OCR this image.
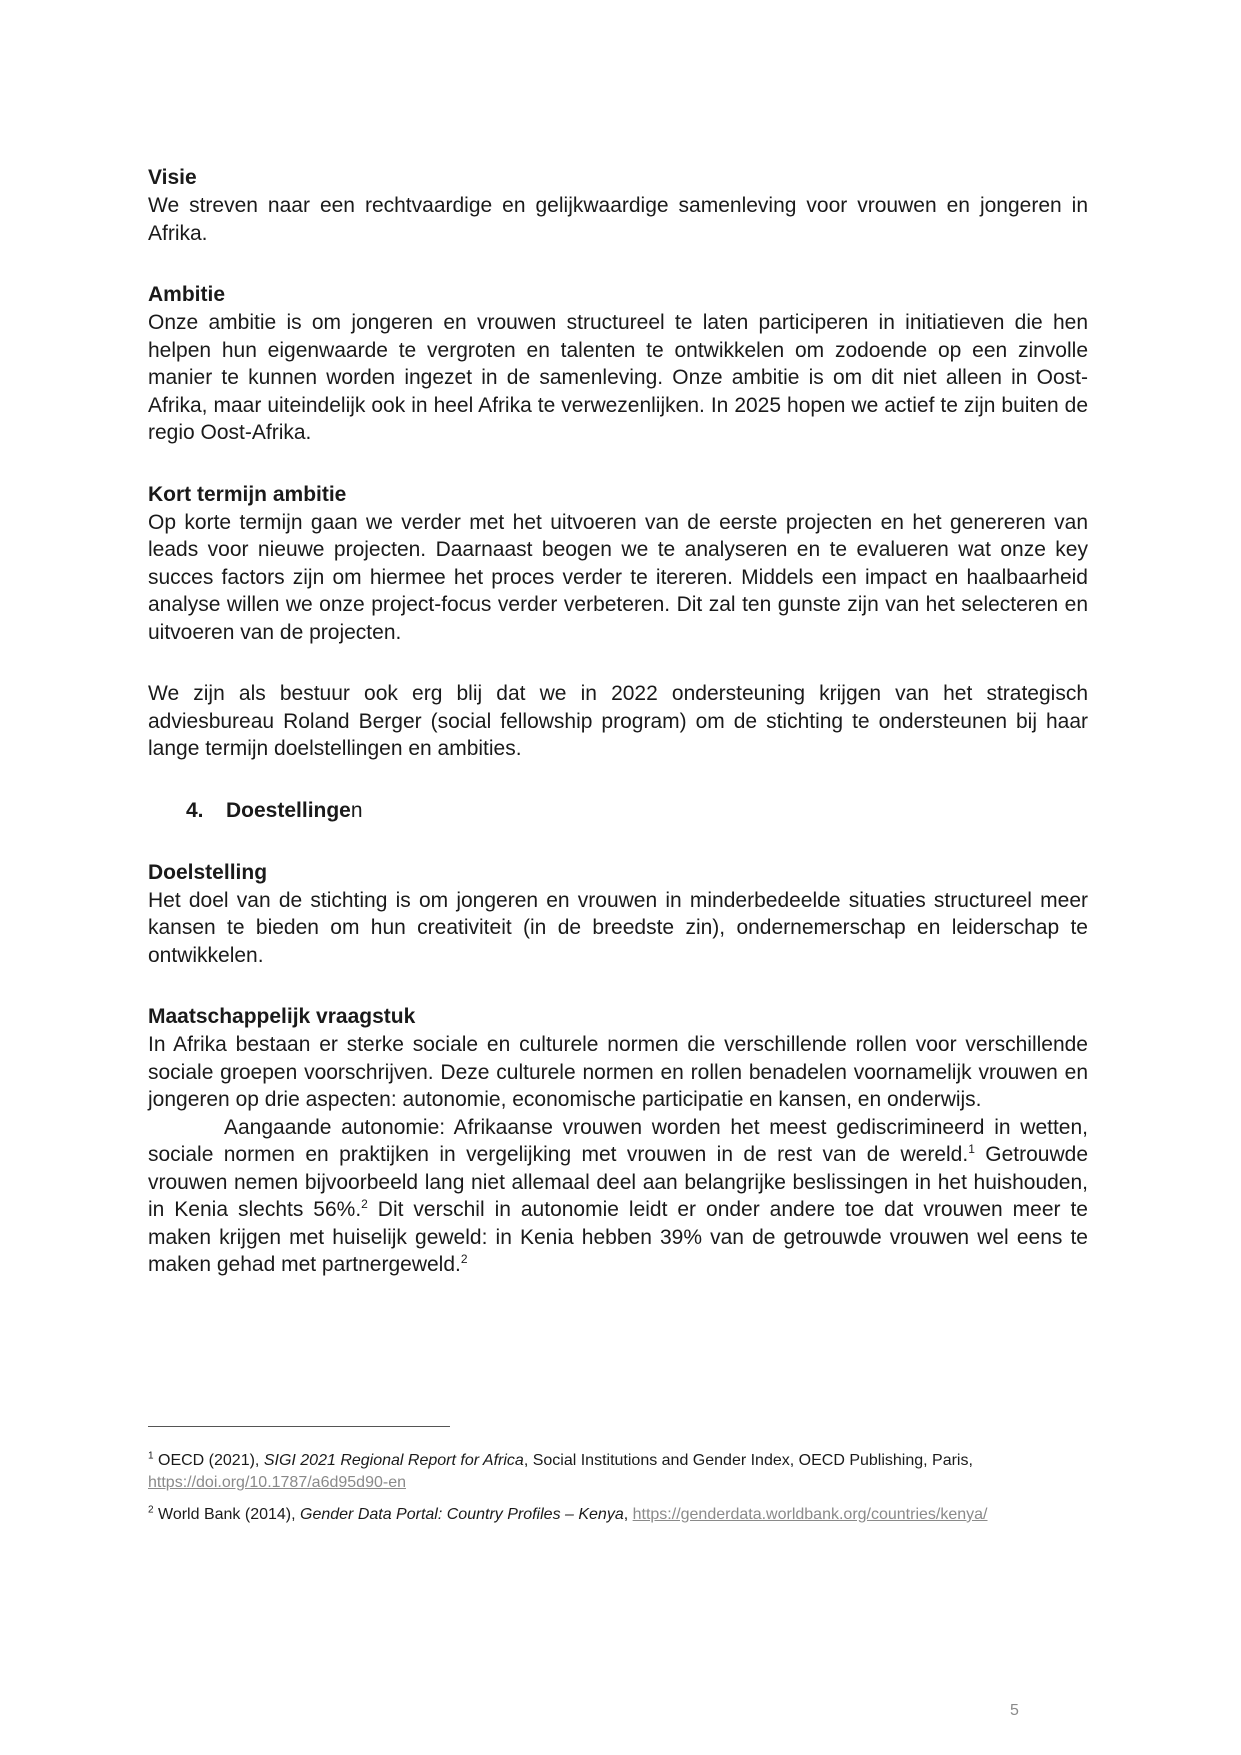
Visie

We streven naar een rechtvaardige en gelijkwaardige samenleving voor vrouwen en jongeren in Afrika.

Ambitie

Onze ambitie is om jongeren en vrouwen structureel te laten participeren in initiatieven die hen helpen hun eigenwaarde te vergroten en talenten te ontwikkelen om zodoende op een zinvolle manier te kunnen worden ingezet in de samenleving. Onze ambitie is om dit niet alleen in Oost-Afrika, maar uiteindelijk ook in heel Afrika te verwezenlijken. In 2025 hopen we actief te zijn buiten de regio Oost-Afrika.

Kort termijn ambitie

Op korte termijn gaan we verder met het uitvoeren van de eerste projecten en het genereren van leads voor nieuwe projecten. Daarnaast beogen we te analyseren en te evalueren wat onze key succes factors zijn om hiermee het proces verder te itereren. Middels een impact en haalbaarheid analyse willen we onze project-focus verder verbeteren. Dit zal ten gunste zijn van het selecteren en uitvoeren van de projecten.

We zijn als bestuur ook erg blij dat we in 2022 ondersteuning krijgen van het strategisch adviesbureau Roland Berger (social fellowship program) om de stichting te ondersteunen bij haar lange termijn doelstellingen en ambities.

4. Doestellingen
Doelstelling

Het doel van de stichting is om jongeren en vrouwen in minderbedeelde situaties structureel meer kansen te bieden om hun creativiteit (in de breedste zin), ondernemerschap en leiderschap te ontwikkelen.

Maatschappelijk vraagstuk

In Afrika bestaan er sterke sociale en culturele normen die verschillende rollen voor verschillende sociale groepen voorschrijven. Deze culturele normen en rollen benadelen voornamelijk vrouwen en jongeren op drie aspecten: autonomie, economische participatie en kansen, en onderwijs.

Aangaande autonomie: Afrikaanse vrouwen worden het meest gediscrimineerd in wetten, sociale normen en praktijken in vergelijking met vrouwen in de rest van de wereld.$^1$ Getrouwde vrouwen nemen bijvoorbeeld lang niet allemaal deel aan belangrijke beslissingen in het huishouden, in Kenia slechts 56%.$^2$ Dit verschil in autonomie leidt er onder andere toe dat vrouwen meer te maken krijgen met huiselijk geweld: in Kenia hebben 39% van de getrouwde vrouwen wel eens te maken gehad met partnergeweld.$^2$

$^1$ OECD (2021), SIGI 2021 Regional Report for Africa, Social Institutions and Gender Index, OECD Publishing, Paris, https://doi.org/10.1787/a6d95d90-en

$^2$ World Bank (2014), Gender Data Portal: Country Profiles – Kenya, https://genderdata.worldbank.org/countries/kenya/

5
